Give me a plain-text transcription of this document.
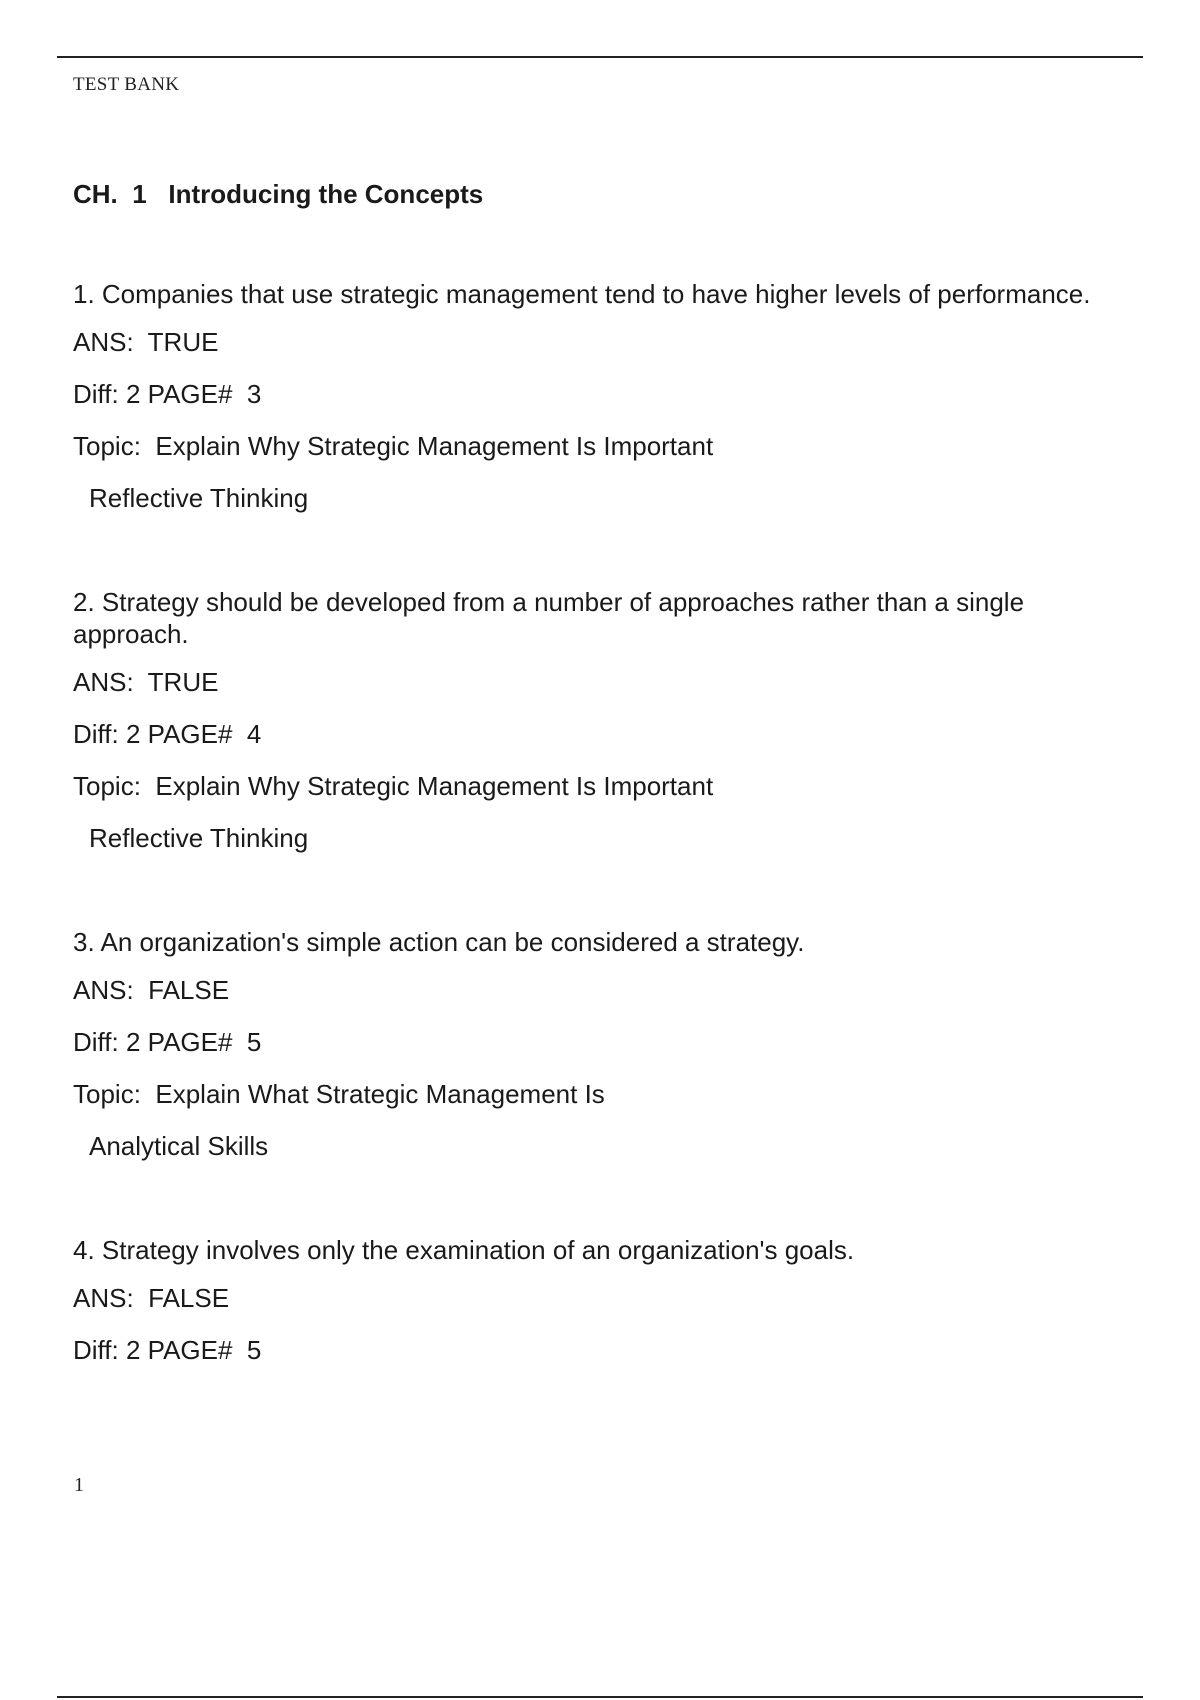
TEST BANK
CH.  1   Introducing the Concepts

1. Companies that use strategic management tend to have higher levels of performance.

ANS:  TRUE

Diff: 2 PAGE#  3

Topic:  Explain Why Strategic Management Is Important

Reflective Thinking

2. Strategy should be developed from a number of approaches rather than a single approach.

ANS:  TRUE

Diff: 2 PAGE#  4

Topic:  Explain Why Strategic Management Is Important

Reflective Thinking

3. An organization's simple action can be considered a strategy.

ANS:  FALSE

Diff: 2 PAGE#  5

Topic:  Explain What Strategic Management Is

Analytical Skills

4. Strategy involves only the examination of an organization's goals.

ANS:  FALSE

Diff: 2 PAGE#  5

1
